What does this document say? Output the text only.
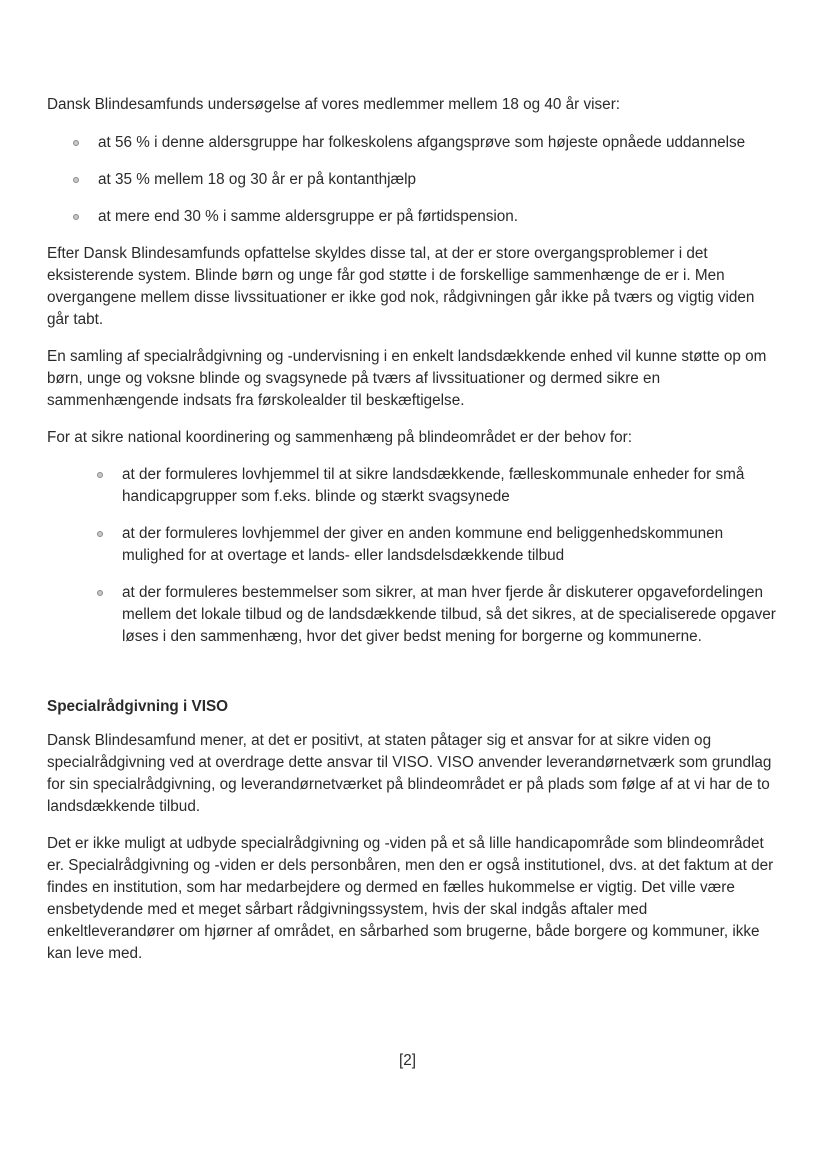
Dansk Blindesamfunds undersøgelse af vores medlemmer mellem 18 og 40 år viser:

at 56 % i denne aldersgruppe har folkeskolens afgangsprøve som højeste opnåede uddannelse
at 35 % mellem 18 og 30 år er på kontanthjælp
at mere end 30 % i samme aldersgruppe er på førtidspension.

Efter Dansk Blindesamfunds opfattelse skyldes disse tal, at der er store overgangsproblemer i det eksisterende system. Blinde børn og unge får god støtte i de forskellige sammenhænge de er i. Men overgangene mellem disse livssituationer er ikke god nok, rådgivningen går ikke på tværs og vigtig viden går tabt.

En samling af specialrådgivning og -undervisning i en enkelt landsdækkende enhed vil kunne støtte op om børn, unge og voksne blinde og svagsynede på tværs af livssituationer og dermed sikre en sammenhængende indsats fra førskolealder til beskæftigelse.

For at sikre national koordinering og sammenhæng på blindeområdet er der behov for:

at der formuleres lovhjemmel til at sikre landsdækkende, fælleskommunale enheder for små handicapgrupper som f.eks. blinde og stærkt svagsynede
at der formuleres lovhjemmel der giver en anden kommune end beliggenhedskommunen mulighed for at overtage et lands- eller landsdelsdækkende tilbud
at der formuleres bestemmelser som sikrer, at man hver fjerde år diskuterer opgavefordelingen mellem det lokale tilbud og de landsdækkende tilbud, så det sikres, at de specialiserede opgaver løses i den sammenhæng, hvor det giver bedst mening for borgerne og kommunerne.
Specialrådgivning i VISO

Dansk Blindesamfund mener, at det er positivt, at staten påtager sig et ansvar for at sikre viden og specialrådgivning ved at overdrage dette ansvar til VISO. VISO anvender leverandørnetværk som grundlag for sin specialrådgivning, og leverandørnetværket på blindeområdet er på plads som følge af at vi har de to landsdækkende tilbud.

Det er ikke muligt at udbyde specialrådgivning og -viden på et så lille handicapområde som blindeområdet er. Specialrådgivning og -viden er dels personbåren, men den er også institutionel, dvs. at det faktum at der findes en institution, som har medarbejdere og dermed en fælles hukommelse er vigtig. Det ville være ensbetydende med et meget sårbart rådgivningssystem, hvis der skal indgås aftaler med enkeltleverandører om hjørner af området, en sårbarhed som brugerne, både borgere og kommuner, ikke kan leve med.

[2]
